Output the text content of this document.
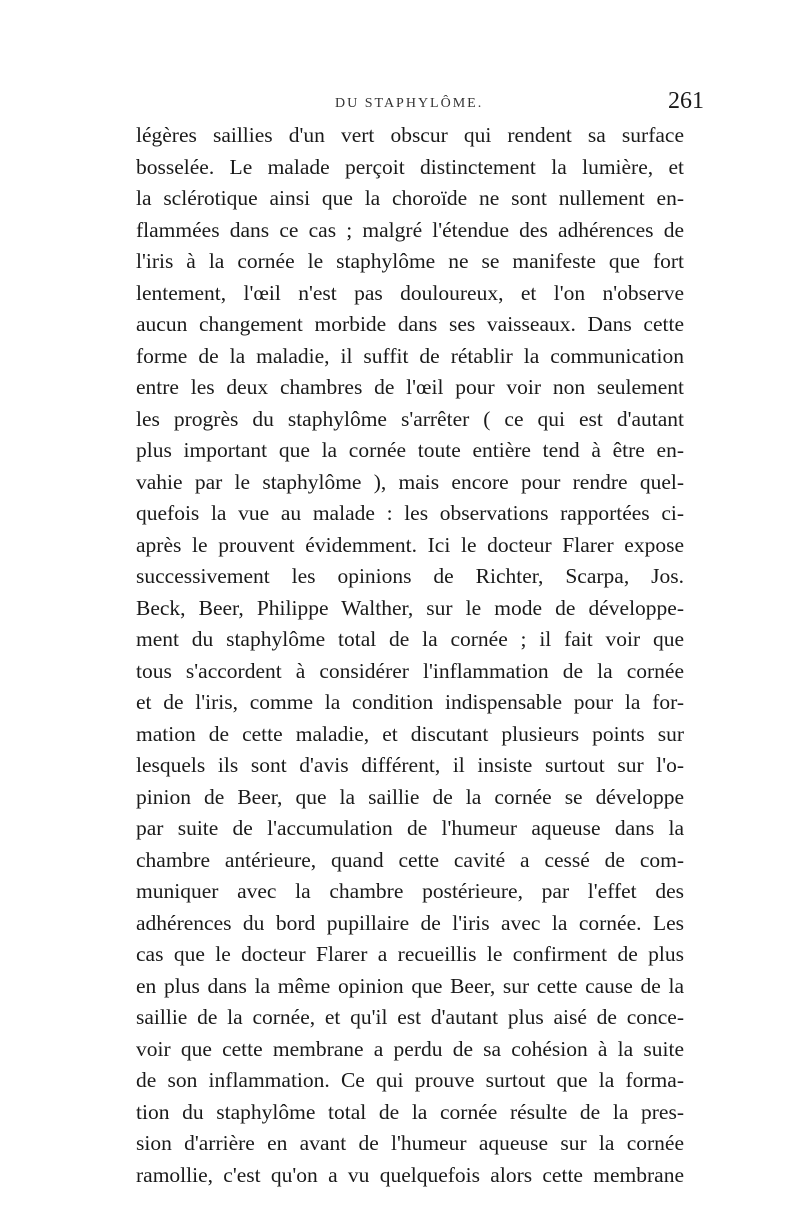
DU STAPHYLÔME.	261
légères saillies d'un vert obscur qui rendent sa surface
bosselée. Le malade perçoit distinctement la lumière, et
la sclérotique ainsi que la choroïde ne sont nullement en-
flammées dans ce cas ; malgré l'étendue des adhérences de
l'iris à la cornée le staphylôme ne se manifeste que fort
lentement, l'œil n'est pas douloureux, et l'on n'observe
aucun changement morbide dans ses vaisseaux. Dans cette
forme de la maladie, il suffit de rétablir la communication
entre les deux chambres de l'œil pour voir non seulement
les progrès du staphylôme s'arrêter ( ce qui est d'autant
plus important que la cornée toute entière tend à être en-
vahie par le staphylôme ), mais encore pour rendre quel-
quefois la vue au malade : les observations rapportées ci-
après le prouvent évidemment. Ici le docteur Flarer expose
successivement les opinions de Richter, Scarpa, Jos.
Beck, Beer, Philippe Walther, sur le mode de développe-
ment du staphylôme total de la cornée ; il fait voir que
tous s'accordent à considérer l'inflammation de la cornée
et de l'iris, comme la condition indispensable pour la for-
mation de cette maladie, et discutant plusieurs points sur
lesquels ils sont d'avis différent, il insiste surtout sur l'o-
pinion de Beer, que la saillie de la cornée se développe
par suite de l'accumulation de l'humeur aqueuse dans la
chambre antérieure, quand cette cavité a cessé de com-
muniquer avec la chambre postérieure, par l'effet des
adhérences du bord pupillaire de l'iris avec la cornée. Les
cas que le docteur Flarer a recueillis le confirment de plus
en plus dans la même opinion que Beer, sur cette cause de la
saillie de la cornée, et qu'il est d'autant plus aisé de conce-
voir que cette membrane a perdu de sa cohésion à la suite
de son inflammation. Ce qui prouve surtout que la forma-
tion du staphylôme total de la cornée résulte de la pres-
sion d'arrière en avant de l'humeur aqueuse sur la cornée
ramollie, c'est qu'on a vu quelquefois alors cette membrane
